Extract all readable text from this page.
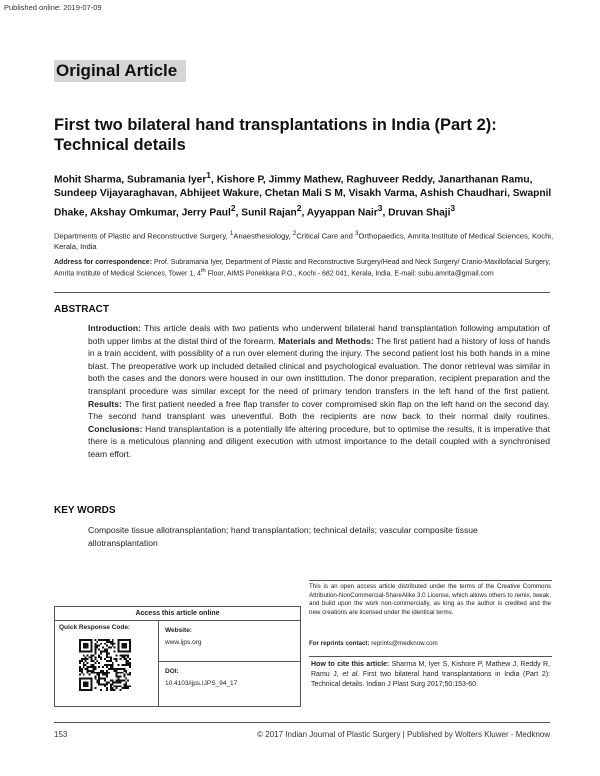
Published online: 2019-07-09
Original Article
First two bilateral hand transplantations in India (Part 2): Technical details
Mohit Sharma, Subramania Iyer$^1$, Kishore P, Jimmy Mathew, Raghuveer Reddy, Janarthanan Ramu, Sundeep Vijayaraghavan, Abhijeet Wakure, Chetan Mali S M, Visakh Varma, Ashish Chaudhari, Swapnil Dhake, Akshay Omkumar, Jerry Paul$^2$, Sunil Rajan$^2$, Ayyappan Nair$^3$, Druvan Shaji$^3$
Departments of Plastic and Reconstructive Surgery, $^1$Anaesthesiology, $^2$Critical Care and $^3$Orthopaedics, Amrita Institute of Medical Sciences, Kochi, Kerala, India
Address for correspondence: Prof. Subramania Iyer, Department of Plastic and Reconstructive Surgery/Head and Neck Surgery/ Cranio-Maxillofacial Surgery, Amrita Institute of Medical Sciences, Tower 1, 4th Floor, AIMS Ponekkara P.O., Kochi - 682 041, Kerala, India. E-mail: subu.amrita@gmail.com
ABSTRACT
Introduction: This article deals with two patients who underwent bilateral hand transplantation following amputation of both upper limbs at the distal third of the forearm. Materials and Methods: The first patient had a history of loss of hands in a train accident, with possiblity of a run over element during the injury. The second patient lost his both hands in a mine blast. The preoperative work up included detailed clinical and psychological evaluation. The donor retrieval was similar in both the cases and the donors were housed in our own instittution. The donor preparation, recipient preparation and the transplant procedure was similar except for the need of primary tendon transfers in the left hand of the first patient. Results: The first patient needed a free flap transfer to cover compromised skin flap on the left hand on the second day. The second hand transplant was uneventful. Both the recipients are now back to their normal daily routines. Conclusions: Hand transplantation is a potentially life altering procedure, but to optimise the results, it is imperative that there is a meticulous planning and diligent execution with utmost importance to the detail coupled with a synchronised team effort.
KEY WORDS
Composite tissue allotransplantation; hand transplantation; technical details; vascular composite tissue allotransplantation
Access this article online
Quick Response Code:	Website:
www.ijps.org
DOI:
10.4103/ijps.IJPS_94_17
This is an open access article distributed under the terms of the Creative Commons Attribution-NonCommercial-ShareAlike 3.0 License, which allows others to remix, tweak, and build upon the work non-commercially, as long as the author is credited and the new creations are licensed under the identical terms.
For reprints contact: reprints@medknow.com
How to cite this article: Sharma M, Iyer S, Kishore P, Mathew J, Reddy R, Ramu J, et al. First two bilateral hand transplantations in India (Part 2): Technical details. Indian J Plast Surg 2017;50:153-60.
153	© 2017 Indian Journal of Plastic Surgery | Published by Wolters Kluwer - Medknow
